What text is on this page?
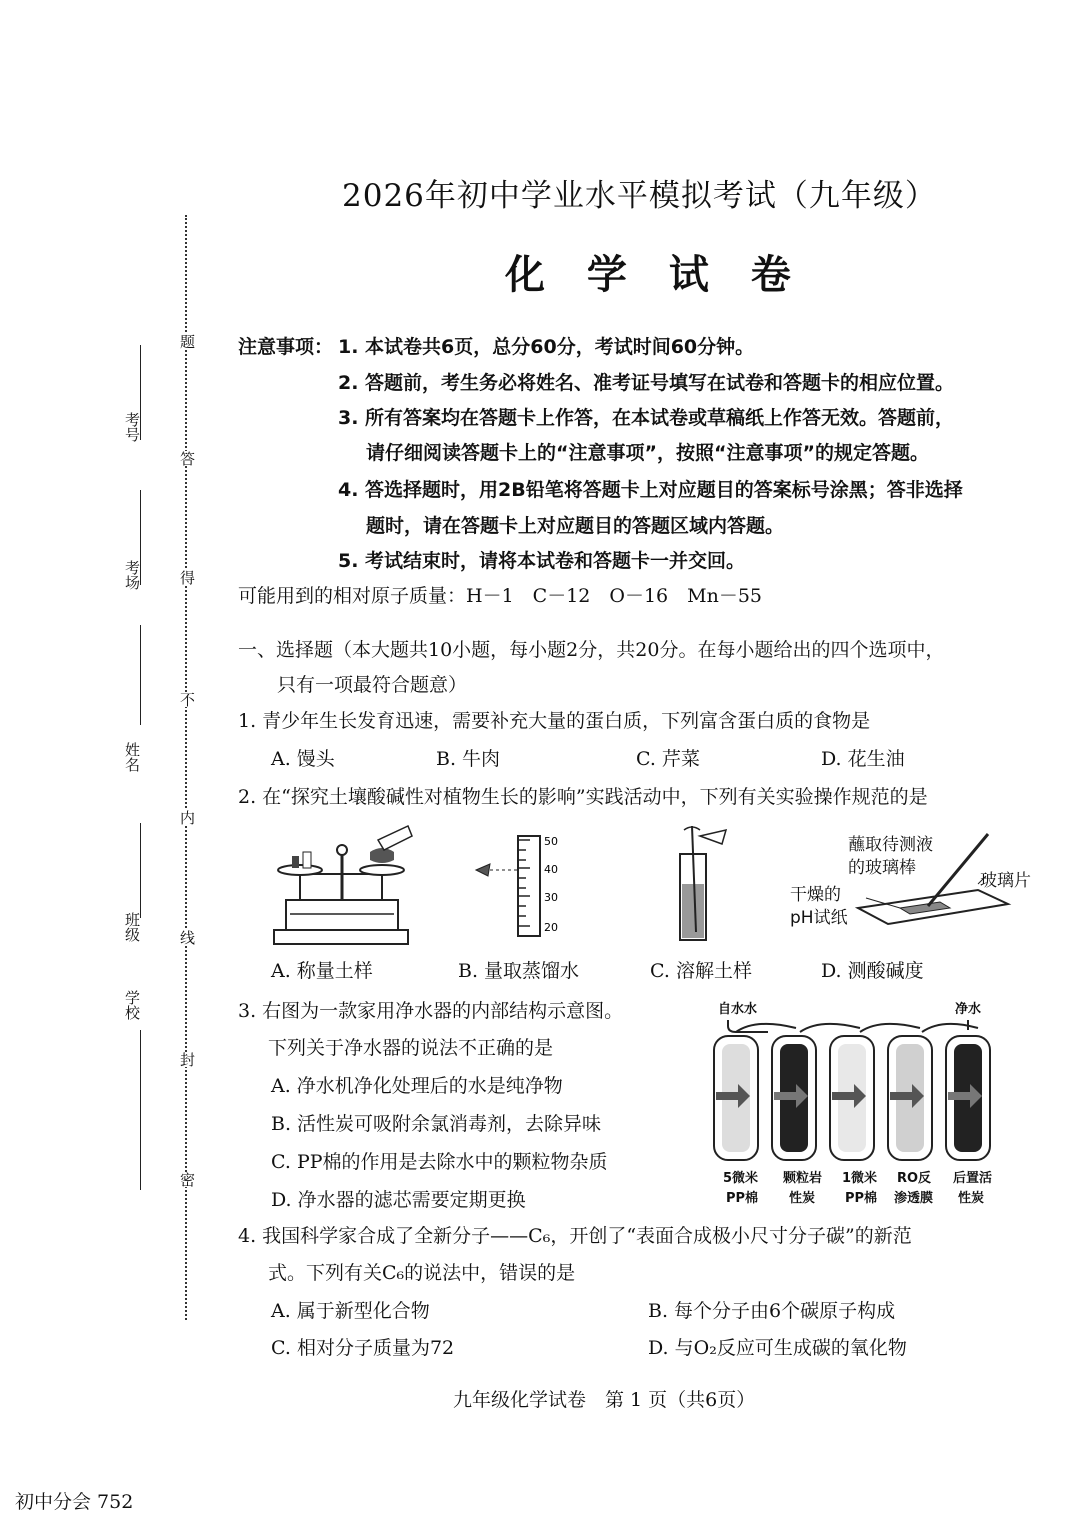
题
答
得
不
内
线
封
密
考号
考场
姓名
班级
学校
2026年初中学业水平模拟考试（九年级）
化 学 试 卷
注意事项： 1. 本试卷共6页，总分60分，考试时间60分钟。
2. 答题前，考生务必将姓名、准考证号填写在试卷和答题卡的相应位置。
3. 所有答案均在答题卡上作答，在本试卷或草稿纸上作答无效。答题前，
请仔细阅读答题卡上的“注意事项”，按照“注意事项”的规定答题。
4. 答选择题时，用2B铅笔将答题卡上对应题目的答案标号涂黑；答非选择
题时，请在答题卡上对应题目的答题区域内答题。
5. 考试结束时，请将本试卷和答题卡一并交回。
可能用到的相对原子质量：H－1　C－12　O－16　Mn－55
一、选择题（本大题共10小题，每小题2分，共20分。在每小题给出的四个选项中，
只有一项最符合题意）
1. 青少年生长发育迅速，需要补充大量的蛋白质，下列富含蛋白质的食物是
A. 馒头	B. 牛肉	C. 芹菜	D. 花生油
2. 在“探究土壤酸碱性对植物生长的影响”实践活动中，下列有关实验操作规范的是
50
40
30
20
蘸取待测液
的玻璃棒
玻璃片
干燥的
pH试纸
A. 称量土样	B. 量取蒸馏水	C. 溶解土样	D. 测酸碱度
3. 右图为一款家用净水器的内部结构示意图。
下列关于净水器的说法不正确的是
A. 净水机净化处理后的水是纯净物
B. 活性炭可吸附余氯消毒剂，去除异味
C. PP棉的作用是去除水中的颗粒物杂质
D. 净水器的滤芯需要定期更换
自水水	净水
5微米
PP棉
颗粒岩
性炭
1微米
PP棉
RO反
渗透膜
后置活
性炭
4. 我国科学家合成了全新分子——C₆，开创了“表面合成极小尺寸分子碳”的新范
式。下列有关C₆的说法中，错误的是
A. 属于新型化合物	B. 每个分子由6个碳原子构成
C. 相对分子质量为72	D. 与O₂反应可生成碳的氧化物
九年级化学试卷　第 1 页（共6页）
初中分会 752
